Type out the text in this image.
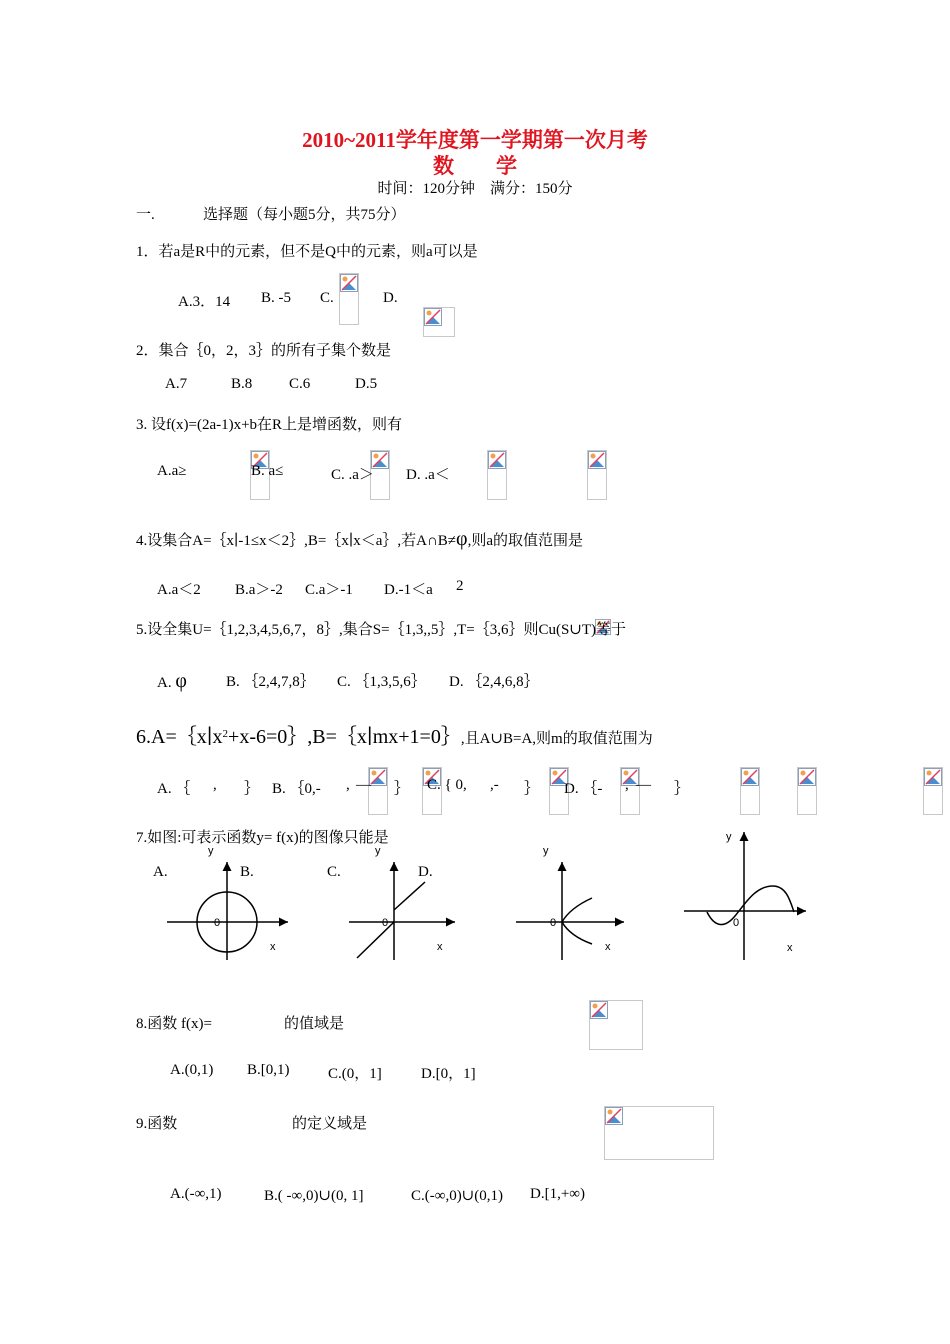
2010~2011学年度第一学期第一次月考
数　　学
时间：120分钟　满分：150分
一.	选择题（每小题5分，共75分）
1．若a是R中的元素，但不是Q中的元素，则a可以是
A.3．14 B. -5 C.
	D.

2．集合｛0，2，3｝的所有子集个数是
A.7	B.8 C.6	D.5
3. 设f(x)=(2a-1)x+b在R上是增函数，则有
A.a≥
	B. a≤
	C. .a＞
D. .a＜

4.设集合A=｛x∣-1≤x＜2｝,B=｛x∣x＜a｝,若A∩B≠φ,则a的取值范围是
A.a＜2 B.a＞-2 C.a＞-1 D.-1＜a
2
5.设全集U=｛1,2,3,4,5,6,7，8｝,集合S=｛1,3,,5｝,T=｛3,6｝则Cu(S∪T)等于
A. φ	B. ｛2,4,7,8｝ C. ｛1,3,5,6｝ D. ｛2,4,6,8｝
$6.A=\{x∣x^2+x-6=0\},B=\{x∣mx+1=0\}$,且A∪B=A,则m的取值范围为
A. ｛
,
｝ B. ｛0,-
, —
｝ C. { 0,
,-
｝ D. ｛-
, —
｝
7.如图:可表示函数y= f(x)的图像只能是
A.	B.	C.	D.
y
x
0
y
x
0
y
x
0
y
x
0
8.函数 f(x)=
	的值域是
A.(0,1) B.[0,1)	C.(0，1]	D.[0，1]
9.函数	的定义域是
A.(-∞,1)	B.( -∞,0)∪(0, 1]	C.(-∞,0)∪(0,1) D.[1,+∞)
